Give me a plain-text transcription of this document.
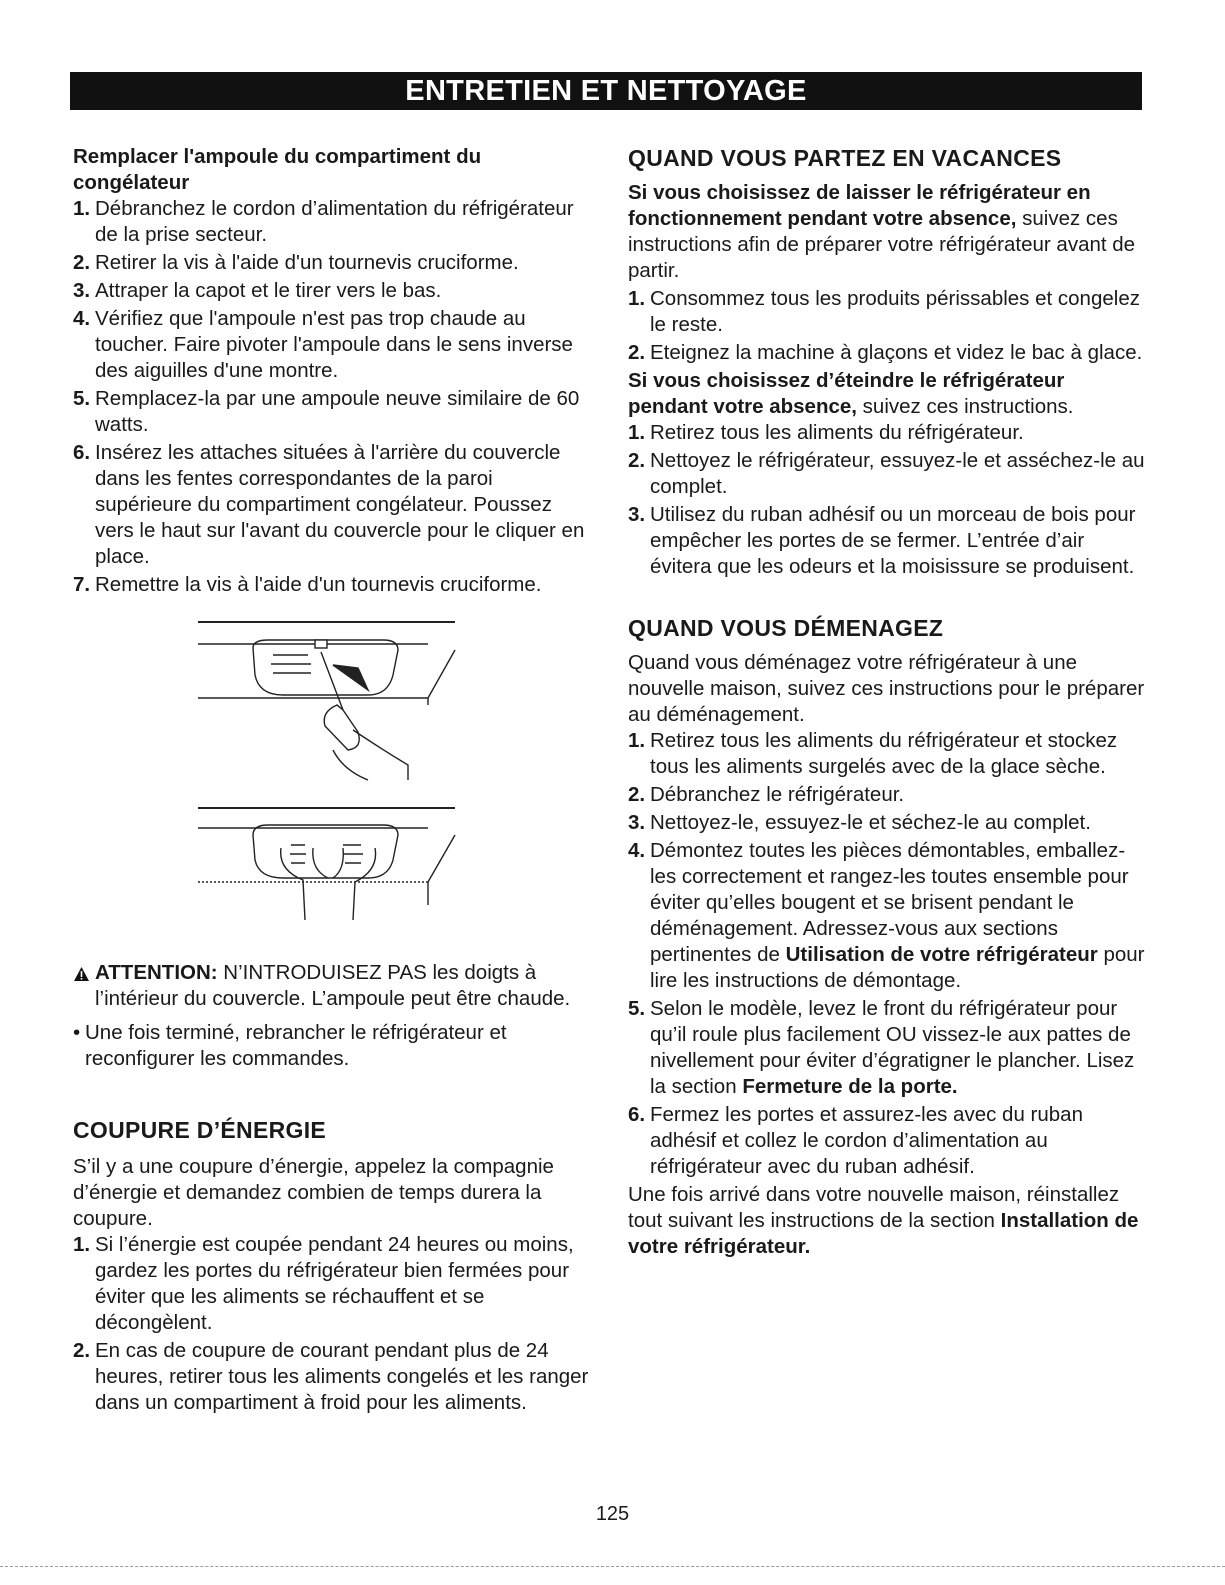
ENTRETIEN ET NETTOYAGE

Remplacer l'ampoule du compartiment du congélateur

1. Débranchez le cordon d’alimentation du réfrigérateur de la prise secteur.
2. Retirer la vis à l'aide d'un tournevis cruciforme.
3. Attraper la capot et le tirer vers le bas.
4. Vérifiez que l'ampoule n'est pas trop chaude au toucher. Faire pivoter l'ampoule dans le sens inverse des aiguilles d'une montre.
5. Remplacez-la par une ampoule neuve similaire de 60 watts.
6. Insérez les attaches situées à l'arrière du couvercle dans les fentes correspondantes de la paroi supérieure du compartiment congélateur. Poussez vers le haut sur l'avant du couvercle pour le cliquer en place.
7. Remettre la vis à l'aide d'un tournevis cruciforme.
ATTENTION: N’INTRODUISEZ PAS les doigts à l’intérieur du couvercle. L’ampoule peut être chaude.
• Une fois terminé, rebrancher le réfrigérateur et reconfigurer les commandes.

COUPURE D’ÉNERGIE

S’il y a une coupure d’énergie, appelez la compagnie d’énergie et demandez combien de temps durera la coupure.

1. Si l’énergie est coupée pendant 24 heures ou moins, gardez les portes du réfrigérateur bien fermées pour éviter que les aliments se réchauffent et se décongèlent.
2. En cas de coupure de courant pendant plus de 24 heures, retirer tous les aliments congelés et les ranger dans un compartiment à froid pour les aliments.

QUAND VOUS PARTEZ EN VACANCES

Si vous choisissez de laisser le réfrigérateur en fonctionnement pendant votre absence, suivez ces instructions afin de préparer votre réfrigérateur avant de partir.

1. Consommez tous les produits périssables et congelez le reste.
2. Eteignez la machine à glaçons et videz le bac à glace.

Si vous choisissez d’éteindre le réfrigérateur pendant votre absence, suivez ces instructions.

1. Retirez tous les aliments du réfrigérateur.
2. Nettoyez le réfrigérateur, essuyez-le et asséchez-le au complet.
3. Utilisez du ruban adhésif ou un morceau de bois pour empêcher les portes de se fermer. L’entrée d’air évitera que les odeurs et la moisissure se produisent.

QUAND VOUS DÉMENAGEZ

Quand vous déménagez votre réfrigérateur à une nouvelle maison, suivez ces instructions pour le préparer au déménagement.

1. Retirez tous les aliments du réfrigérateur et stockez tous les aliments surgelés avec de la glace sèche.
2. Débranchez le réfrigérateur.
3. Nettoyez-le, essuyez-le et séchez-le au complet.
4. Démontez toutes les pièces démontables, emballez-les correctement et rangez-les toutes ensemble pour éviter qu’elles bougent et se brisent pendant le déménagement. Adressez-vous aux sections pertinentes de Utilisation de votre réfrigérateur pour lire les instructions de démontage.
5. Selon le modèle, levez le front du réfrigérateur pour qu’il roule plus facilement OU vissez-le aux pattes de nivellement pour éviter d’égratigner le plancher. Lisez la section Fermeture de la porte.
6. Fermez les portes et assurez-les avec du ruban adhésif et collez le cordon d’alimentation au réfrigérateur avec du ruban adhésif.

Une fois arrivé dans votre nouvelle maison, réinstallez tout suivant les instructions de la section Installation de votre réfrigérateur.

125
